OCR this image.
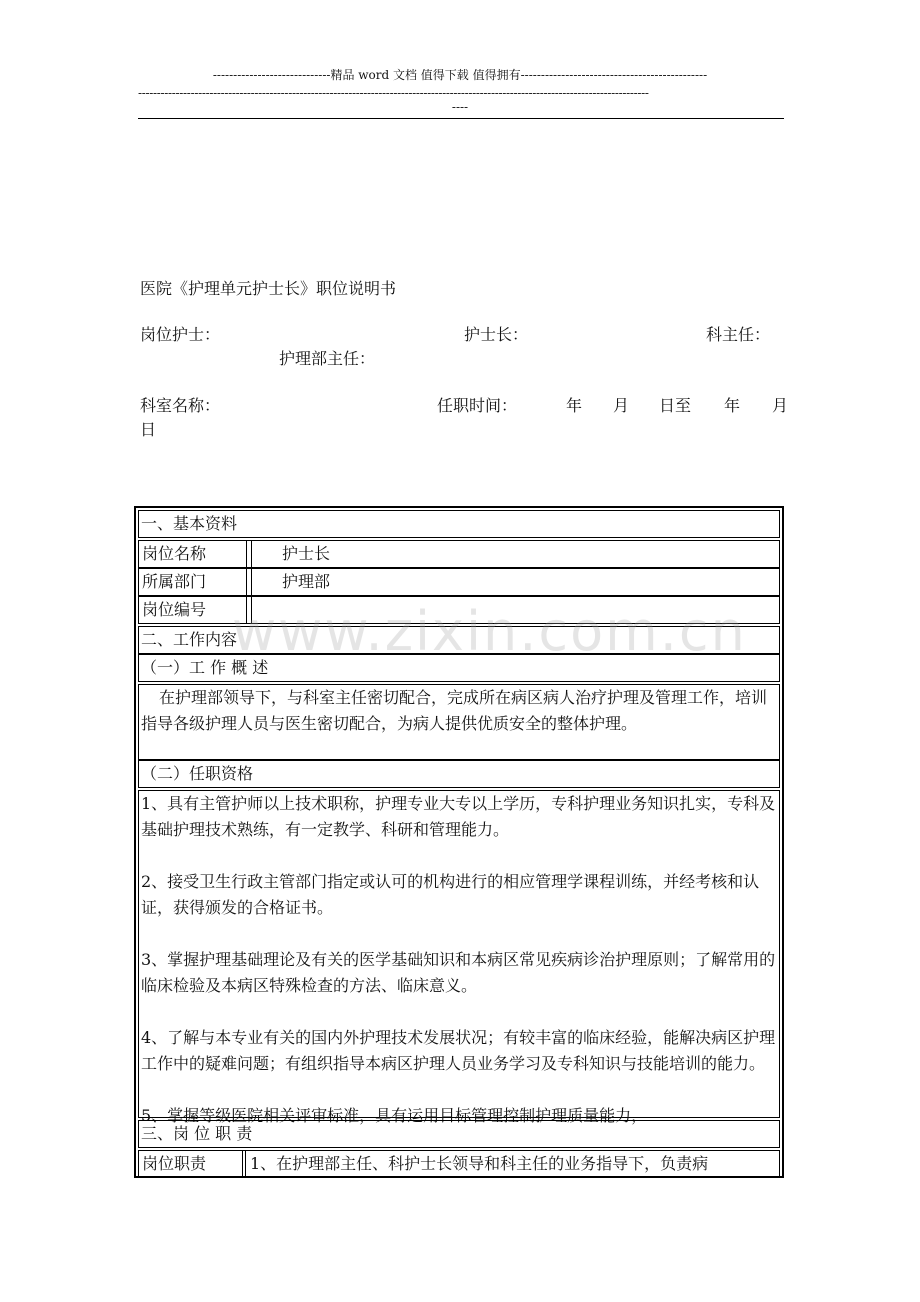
-----------------------------精品 word 文档 值得下载 值得拥有----------------------------------------------
----------------------------------------------------------------------------------------------------------------------------------------
----
医院《护理单元护士长》职位说明书
岗位护士：	护士长：	科主任：
护理部主任：
科室名称：	任职时间：	年 月 日至 年 月
日
一、基本资料
岗位名称	护士长
所属部门	护理部
岗位编号
二、工作内容
（一）工 作 概 述
在护理部领导下，与科室主任密切配合，完成所在病区病人治疗护理及管理工作，培训指导各级护理人员与医生密切配合，为病人提供优质安全的整体护理。
（二）任职资格

1、具有主管护师以上技术职称，护理专业大专以上学历，专科护理业务知识扎实，专科及基础护理技术熟练，有一定教学、科研和管理能力。

2、接受卫生行政主管部门指定或认可的机构进行的相应管理学课程训练，并经考核和认证，获得颁发的合格证书。

3、掌握护理基础理论及有关的医学基础知识和本病区常见疾病诊治护理原则；了解常用的临床检验及本病区特殊检查的方法、临床意义。

4、了解与本专业有关的国内外护理技术发展状况；有较丰富的临床经验，能解决病区护理工作中的疑难问题；有组织指导本病区护理人员业务学习及专科知识与技能培训的能力。

5、掌握等级医院相关评审标准，具有运用目标管理控制护理质量能力，

三、岗 位 职 责
岗位职责	1、在护理部主任、科护士长领导和科主任的业务指导下，负责病
www.zixin.com.cn
